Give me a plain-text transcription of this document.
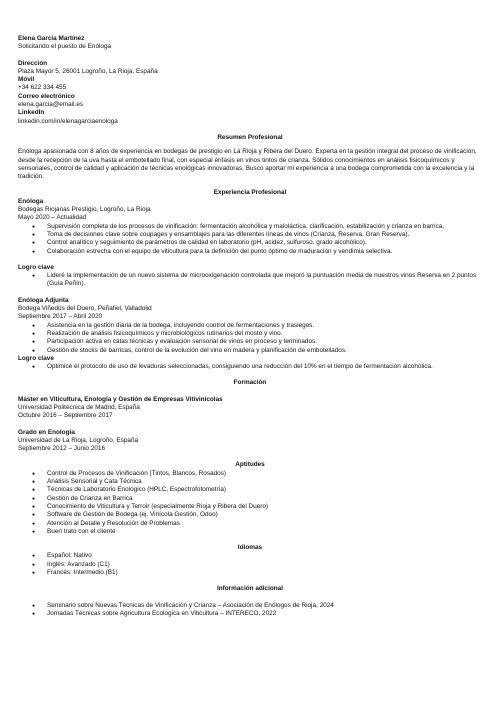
Elena García Martínez
Solicitando el puesto de Enóloga
Dirección
Plaza Mayor 5, 26001 Logroño, La Rioja, España
Móvil
+34 622 334 455
Correo electrónico
elena.garcia@email.es
LinkedIn
linkedin.com/in/elenagarciaenologa
Resumen Profesional

Enóloga apasionada con 8 años de experiencia en bodegas de prestigio en La Rioja y Ribera del Duero. Experta en la gestión integral del proceso de vinificación, desde la recepción de la uva hasta el embotellado final, con especial énfasis en vinos tintos de crianza. Sólidos conocimientos en análisis fisicoquímicos y sensoriales, control de calidad y aplicación de técnicas enológicas innovadoras. Busco aportar mi experiencia a una bodega comprometida con la excelencia y la tradición.

Experiencia Profesional
Enóloga
Bodegas Riojanas Prestigio, Logroño, La Rioja
Mayo 2020 – Actualidad
● Supervisión completa de los procesos de vinificación: fermentación alcohólica y maloláctica, clarificación, estabilización y crianza en barrica.
● Toma de decisiones clave sobre coupages y ensamblajes para las diferentes líneas de vinos (Crianza, Reserva, Gran Reserva).
● Control analítico y seguimiento de parámetros de calidad en laboratorio (pH, acidez, sulfuroso, grado alcohólico).
● Colaboración estrecha con el equipo de viticultura para la definición del punto óptimo de maduración y vendimia selectiva.
Logro clave
● Lideré la implementación de un nuevo sistema de microoxigenación controlada que mejoró la puntuación media de nuestros vinos Reserva en 2 puntos (Guía Peñín).
Enóloga Adjunta
Bodega Viñedos del Duero, Peñafiel, Valladolid
Septiembre 2017 – Abril 2020
● Asistencia en la gestión diaria de la bodega, incluyendo control de fermentaciones y trasiegos.
● Realización de análisis fisicoquímicos y microbiológicos rutinarios del mosto y vino.
● Participación activa en catas técnicas y evaluación sensorial de vinos en proceso y terminados.
● Gestión de stocks de barricas, control de la evolución del vino en madera y planificación de embotellados.
Logro clave
● Optimicé el protocolo de uso de levaduras seleccionadas, consiguiendo una reducción del 10% en el tiempo de fermentación alcohólica.
Formación
Máster en Viticultura, Enología y Gestión de Empresas Vitivinícolas
Universidad Politécnica de Madrid, España
Octubre 2016 – Septiembre 2017
Grado en Enología
Universidad de La Rioja, Logroño, España
Septiembre 2012 – Junio 2016
Aptitudes
● Control de Procesos de Vinificación (Tintos, Blancos, Rosados)
● Análisis Sensorial y Cata Técnica
● Técnicas de Laboratorio Enológico (HPLC, Espectrofotometría)
● Gestión de Crianza en Barrica
● Conocimiento de Viticultura y Terroir (especialmente Rioja y Ribera del Duero)
● Software de Gestión de Bodega (ej. Vinícola Gestión, Odoo)
● Atención al Detalle y Resolución de Problemas
● Buen trato con el cliente
Idiomas
● Español: Nativo
● Inglés: Avanzado (C1)
● Francés: Intermedio (B1)
Información adicional
● Seminario sobre Nuevas Técnicas de Vinificación y Crianza – Asociación de Enólogos de Rioja, 2024
● Jornadas Técnicas sobre Agricultura Ecológica en Viticultura – INTERECO, 2022
